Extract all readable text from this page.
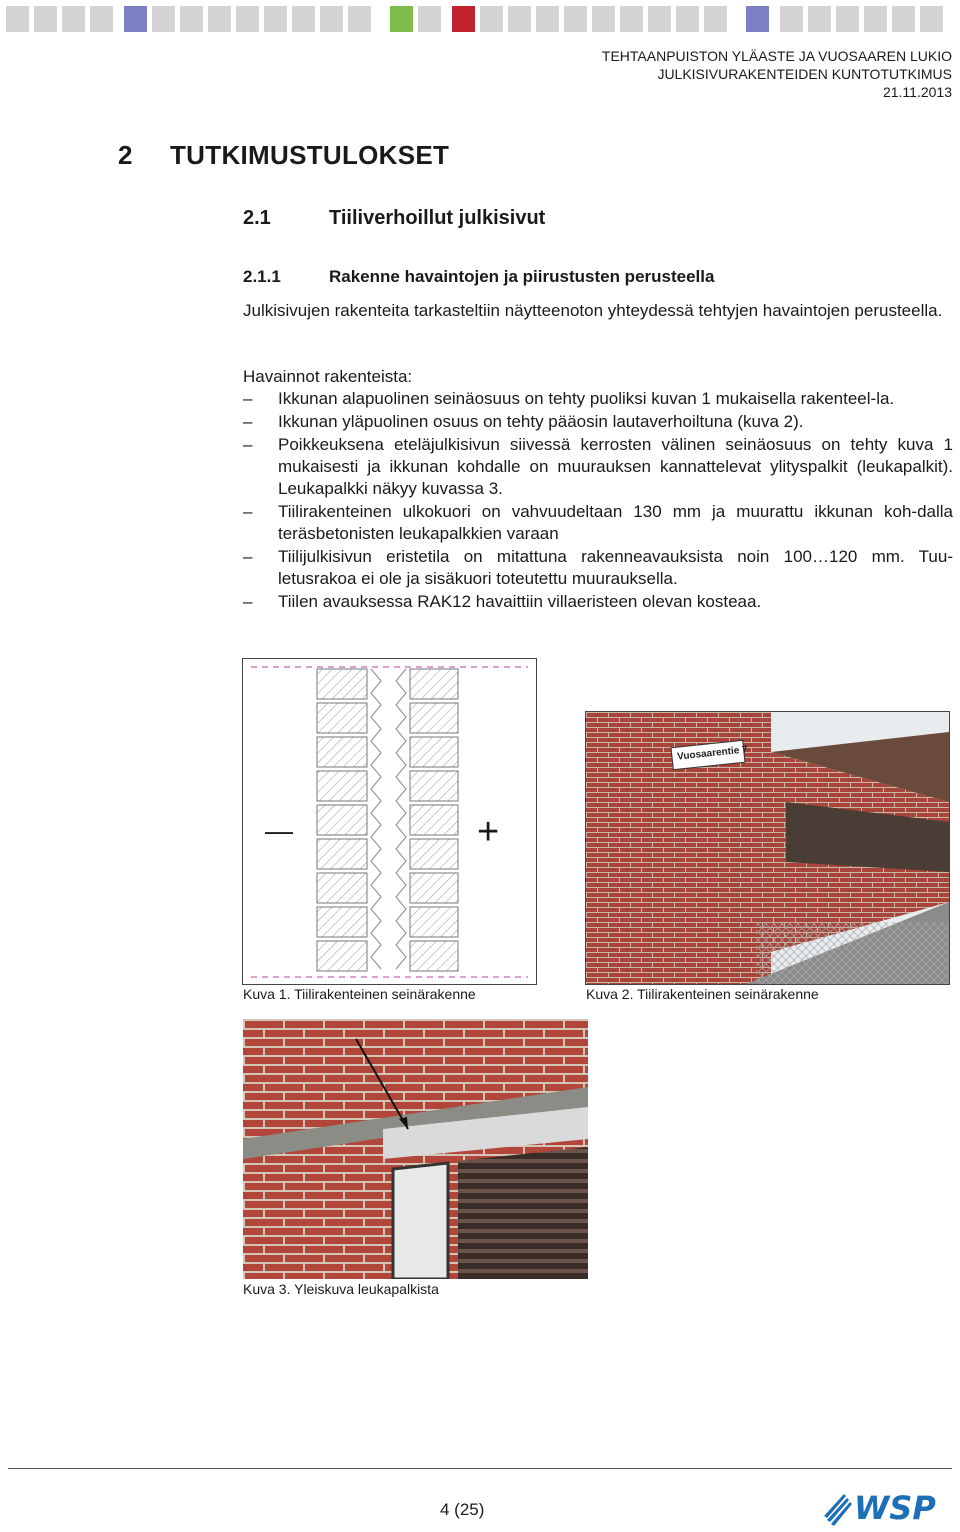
TEHTAANPUISTON YLÄASTE JA VUOSAAREN LUKIO
JULKISIVURAKENTEIDEN KUNTOTUTKIMUS
21.11.2013
2 TUTKIMUSTULOKSET
2.1	Tiiliverhoillut julkisivut
2.1.1	Rakenne havaintojen ja piirustusten perusteella
Julkisivujen rakenteita tarkasteltiin näytteenoton yhteydessä tehtyjen havaintojen perusteella.
Havainnot rakenteista:
– Ikkunan alapuolinen seinäosuus on tehty puoliksi kuvan 1 mukaisella rakenteel-la.
– Ikkunan yläpuolinen osuus on tehty pääosin lautaverhoiltuna (kuva 2).
– Poikkeuksena eteläjulkisivun siivessä kerrosten välinen seinäosuus on tehty kuva 1 mukaisesti ja ikkunan kohdalle on muurauksen kannattelevat ylityspalkit (leukapalkit). Leukapalkki näkyy kuvassa 3.
– Tiilirakenteinen ulkokuori on vahvuudeltaan 130 mm ja muurattu ikkunan koh-dalla teräsbetonisten leukapalkkien varaan
– Tiilijulkisivun eristetila on mitattuna rakenneavauksista noin 100…120 mm. Tuu-letusrakoa ei ole ja sisäkuori toteutettu muurauksella.
– Tiilen avauksessa RAK12 havaittiin villaeristeen olevan kosteaa.
—	+
Kuva 1. Tiilirakenteinen seinärakenne
Vuosaarentie 7
Kuva 2. Tiilirakenteinen seinärakenne
Kuva 3. Yleiskuva leukapalkista
4 (25)	WSP
